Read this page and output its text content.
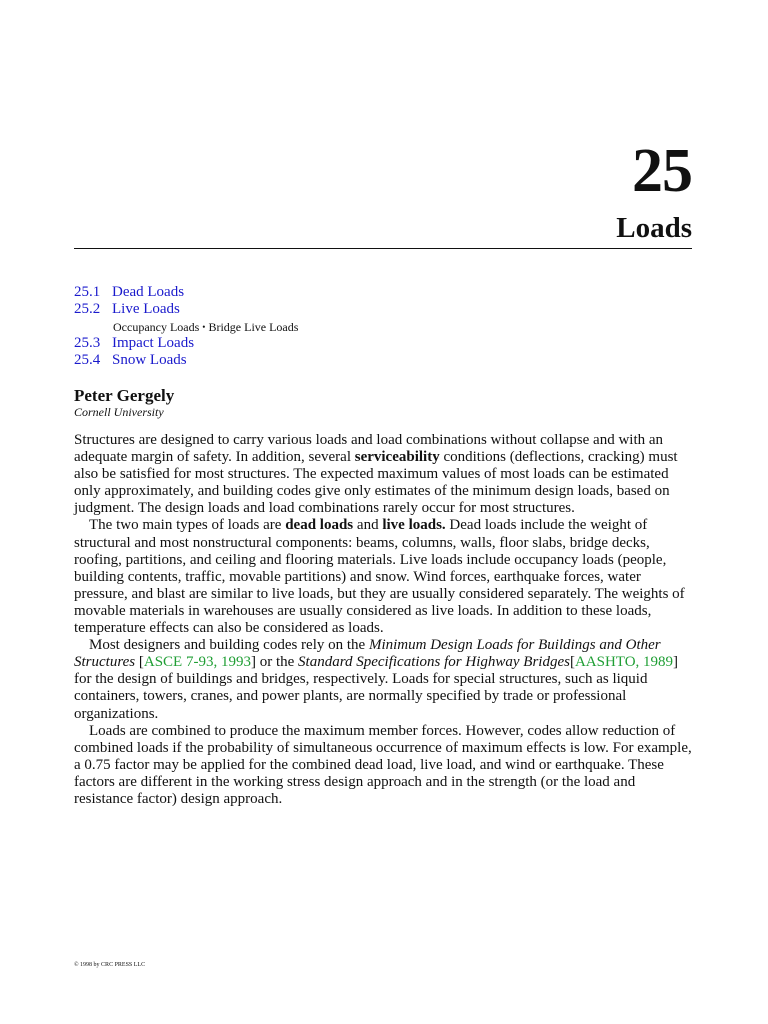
25
Loads
25.1 Dead Loads
25.2 Live Loads
Occupancy Loads • Bridge Live Loads
25.3 Impact Loads
25.4 Snow Loads
Peter Gergely
Cornell University

Structures are designed to carry various loads and load combinations without collapse and with an adequate margin of safety. In addition, several serviceability conditions (deflections, cracking) must also be satisfied for most structures. The expected maximum values of most loads can be estimated only approximately, and building codes give only estimates of the minimum design loads, based on judgment. The design loads and load combinations rarely occur for most structures.

The two main types of loads are dead loads and live loads. Dead loads include the weight of structural and most nonstructural components: beams, columns, walls, floor slabs, bridge decks, roofing, partitions, and ceiling and flooring materials. Live loads include occupancy loads (people, building contents, traffic, movable partitions) and snow. Wind forces, earthquake forces, water pressure, and blast are similar to live loads, but they are usually considered separately. The weights of movable materials in warehouses are usually considered as live loads. In addition to these loads, temperature effects can also be considered as loads.

Most designers and building codes rely on the Minimum Design Loads for Buildings and Other Structures [ASCE 7-93, 1993] or the Standard Specifications for Highway Bridges[AASHTO, 1989] for the design of buildings and bridges, respectively. Loads for special structures, such as liquid containers, towers, cranes, and power plants, are normally specified by trade or professional organizations.

Loads are combined to produce the maximum member forces. However, codes allow reduction of combined loads if the probability of simultaneous occurrence of maximum effects is low. For example, a 0.75 factor may be applied for the combined dead load, live load, and wind or earthquake. These factors are different in the working stress design approach and in the strength (or the load and resistance factor) design approach.

© 1998 by CRC PRESS LLC
